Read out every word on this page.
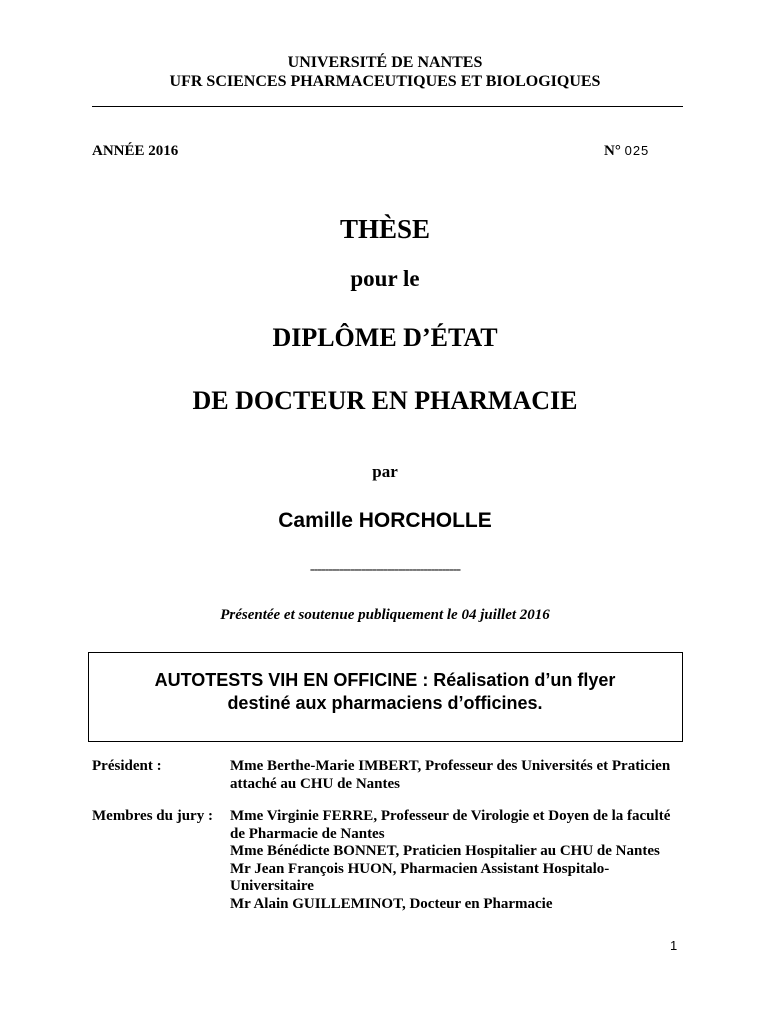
UNIVERSITÉ DE NANTES
UFR SCIENCES PHARMACEUTIQUES ET BIOLOGIQUES
ANNÉE 2016	N° 025
THÈSE
pour le
DIPLÔME D’ÉTAT
DE DOCTEUR EN PHARMACIE
par
Camille HORCHOLLE
-----------------------------------------
Présentée et soutenue publiquement le 04 juillet 2016
AUTOTESTS VIH EN OFFICINE : Réalisation d’un flyer
destiné aux pharmaciens d’officines.
Président :	Mme Berthe-Marie IMBERT, Professeur des Universités et Praticien attaché au CHU de Nantes
Membres du jury : Mme Virginie FERRE, Professeur de Virologie et Doyen de la faculté de Pharmacie de Nantes
Mme Bénédicte BONNET, Praticien Hospitalier au CHU de Nantes
Mr Jean François HUON, Pharmacien Assistant Hospitalo-Universitaire
Mr Alain GUILLEMINOT, Docteur en Pharmacie
1
